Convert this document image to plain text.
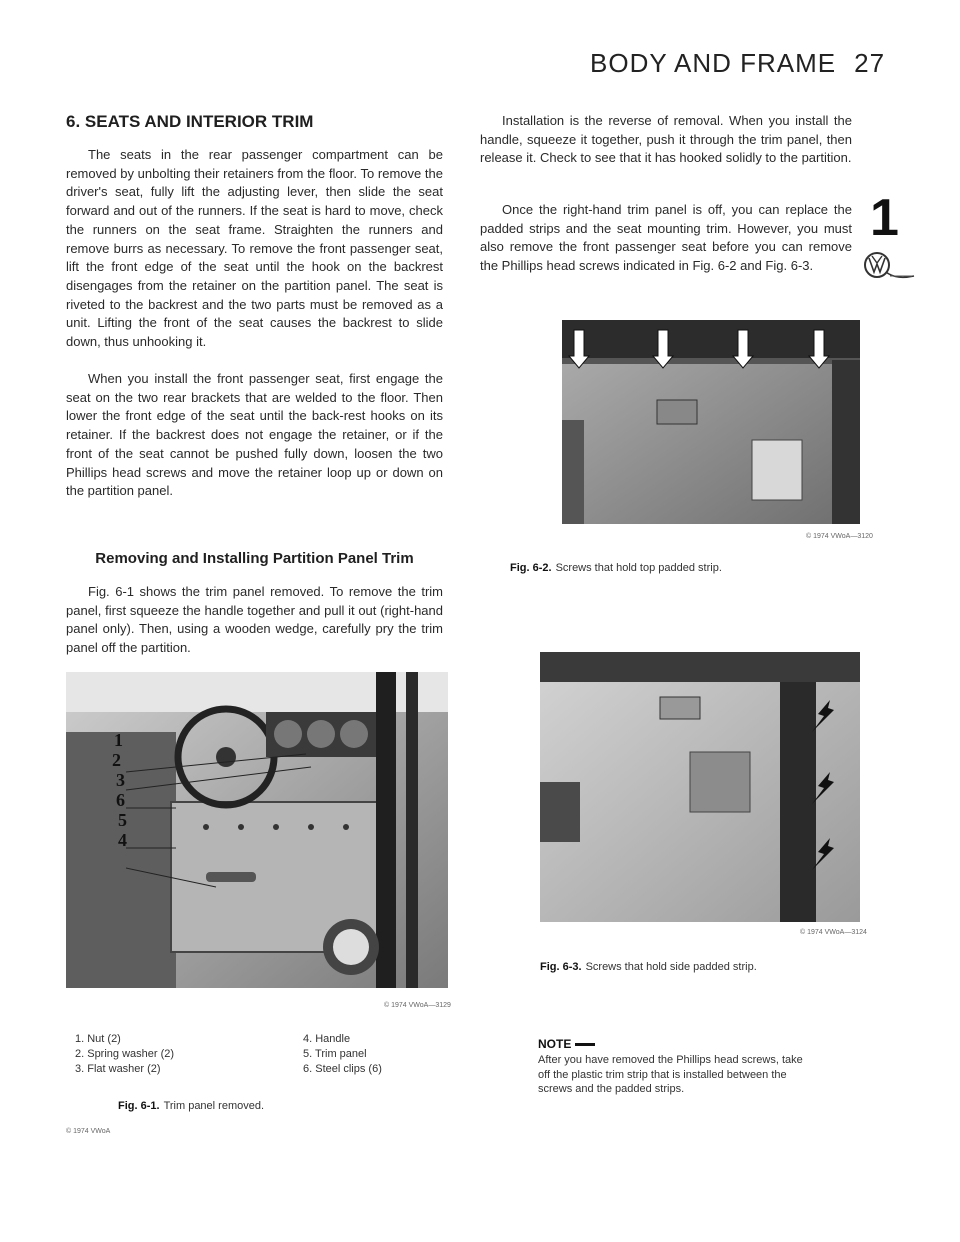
BODY AND FRAME 27
6. SEATS AND INTERIOR TRIM

The seats in the rear passenger compartment can be removed by unbolting their retainers from the floor. To remove the driver's seat, fully lift the adjusting lever, then slide the seat forward and out of the runners. If the seat is hard to move, check the runners on the seat frame. Straighten the runners and remove burrs as necessary. To remove the front passenger seat, lift the front edge of the seat until the hook on the backrest disengages from the retainer on the partition panel. The seat is riveted to the backrest and the two parts must be removed as a unit. Lifting the front of the seat causes the backrest to slide down, thus unhooking it.

When you install the front passenger seat, first engage the seat on the two rear brackets that are welded to the floor. Then lower the front edge of the seat until the back-rest hooks on its retainer. If the backrest does not engage the retainer, or if the front of the seat cannot be pushed fully down, loosen the two Phillips head screws and move the retainer loop up or down on the partition panel.

Removing and Installing Partition Panel Trim

Fig. 6-1 shows the trim panel removed. To remove the trim panel, first squeeze the handle together and pull it out (right-hand panel only). Then, using a wooden wedge, carefully pry the trim panel off the partition.

Installation is the reverse of removal. When you install the handle, squeeze it together, push it through the trim panel, then release it. Check to see that it has hooked solidly to the partition.

Once the right-hand trim panel is off, you can replace the padded strips and the seat mounting trim. However, you must also remove the front passenger seat before you can remove the Phillips head screws indicated in Fig. 6-2 and Fig. 6-3.

1
1
2
3
6
5
4
© 1974 VWoA—3129
1. Nut (2)
2. Spring washer (2)
3. Flat washer (2)
4. Handle
5. Trim panel
6. Steel clips (6)
Fig. 6-1. Trim panel removed.
© 1974 VWoA—3120
Fig. 6-2. Screws that hold top padded strip.
© 1974 VWoA—3124
Fig. 6-3. Screws that hold side padded strip.
NOTE

After you have removed the Phillips head screws, take off the plastic trim strip that is installed between the screws and the padded strips.

© 1974 VWoA
